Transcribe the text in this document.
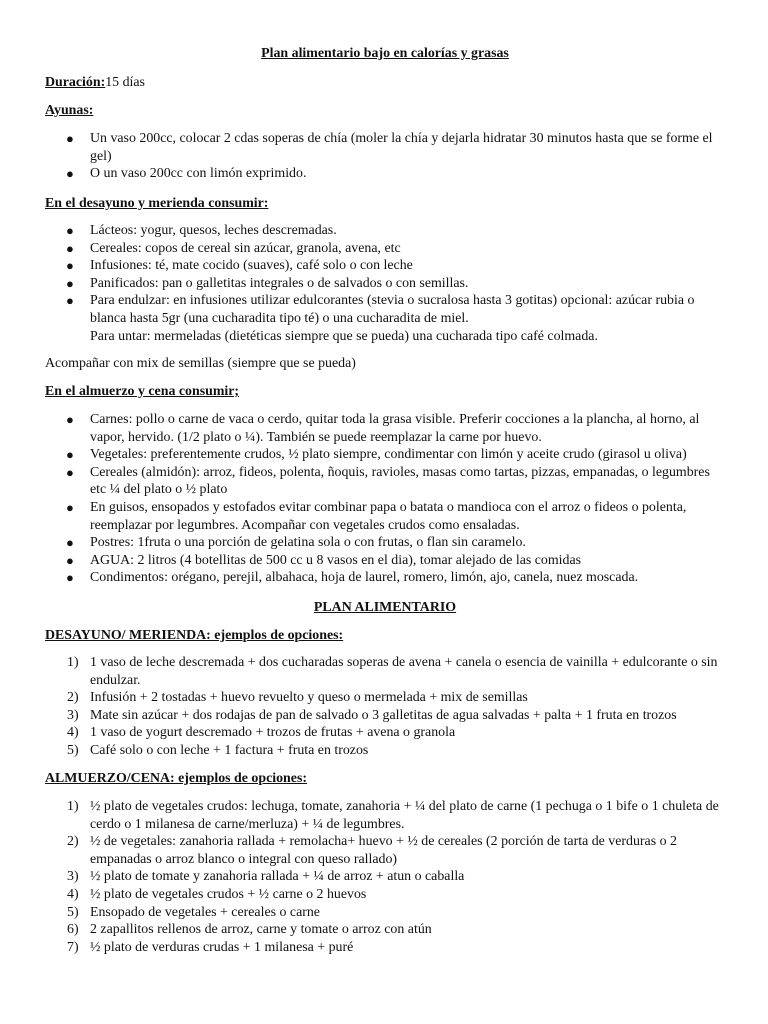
Plan alimentario bajo en calorías y grasas
Duración:15 días
Ayunas:
● Un vaso 200cc, colocar 2 cdas soperas de chía (moler la chía y dejarla hidratar 30 minutos hasta que se forme el gel)
● O un vaso 200cc con limón exprimido.
En el desayuno y merienda consumir:
● Lácteos: yogur, quesos, leches descremadas.
● Cereales: copos de cereal sin azúcar, granola, avena, etc
● Infusiones: té, mate cocido (suaves), café solo o con leche
● Panificados: pan o galletitas integrales o de salvados o con semillas.
● Para endulzar: en infusiones utilizar edulcorantes (stevia o sucralosa hasta 3 gotitas) opcional: azúcar rubia o blanca hasta 5gr (una cucharadita tipo té) o una cucharadita de miel.
Para untar: mermeladas (dietéticas siempre que se pueda) una cucharada tipo café colmada.
Acompañar con mix de semillas (siempre que se pueda)
En el almuerzo y cena consumir;
● Carnes: pollo o carne de vaca o cerdo, quitar toda la grasa visible. Preferir cocciones a la plancha, al horno, al vapor, hervido. (1/2 plato o ¼). También se puede reemplazar la carne por huevo.
● Vegetales: preferentemente crudos, ½ plato siempre, condimentar con limón y aceite crudo (girasol u oliva)
● Cereales (almidón): arroz, fideos, polenta, ñoquis, ravioles, masas como tartas, pizzas, empanadas, o legumbres etc ¼ del plato o ½ plato
● En guisos, ensopados y estofados evitar combinar papa o batata o mandioca con el arroz o fideos o polenta, reemplazar por legumbres. Acompañar con vegetales crudos como ensaladas.
● Postres: 1fruta o una porción de gelatina sola o con frutas, o flan sin caramelo.
● AGUA: 2 litros (4 botellitas de 500 cc u 8 vasos en el dia), tomar alejado de las comidas
● Condimentos: orégano, perejil, albahaca, hoja de laurel, romero, limón, ajo, canela, nuez moscada.
PLAN ALIMENTARIO
DESAYUNO/ MERIENDA: ejemplos de opciones:
1) 1 vaso de leche descremada + dos cucharadas soperas de avena + canela o esencia de vainilla + edulcorante o sin endulzar.
2) Infusión + 2 tostadas + huevo revuelto y queso o mermelada + mix de semillas
3) Mate sin azúcar + dos rodajas de pan de salvado o 3 galletitas de agua salvadas + palta + 1 fruta en trozos
4) 1 vaso de yogurt descremado + trozos de frutas + avena o granola
5) Café solo o con leche + 1 factura + fruta en trozos
ALMUERZO/CENA: ejemplos de opciones:
1) ½ plato de vegetales crudos: lechuga, tomate, zanahoria + ¼ del plato de carne (1 pechuga o 1 bife o 1 chuleta de cerdo o 1 milanesa de carne/merluza) + ¼ de legumbres.
2) ½ de vegetales: zanahoria rallada + remolacha+ huevo + ½ de cereales (2 porción de tarta de verduras o 2 empanadas o arroz blanco o integral con queso rallado)
3) ½ plato de tomate y zanahoria rallada + ¼ de arroz + atun o caballa
4) ½ plato de vegetales crudos + ½ carne o 2 huevos
5) Ensopado de vegetales + cereales o carne
6) 2 zapallitos rellenos de arroz, carne y tomate o arroz con atún
7) ½ plato de verduras crudas + 1 milanesa + puré
